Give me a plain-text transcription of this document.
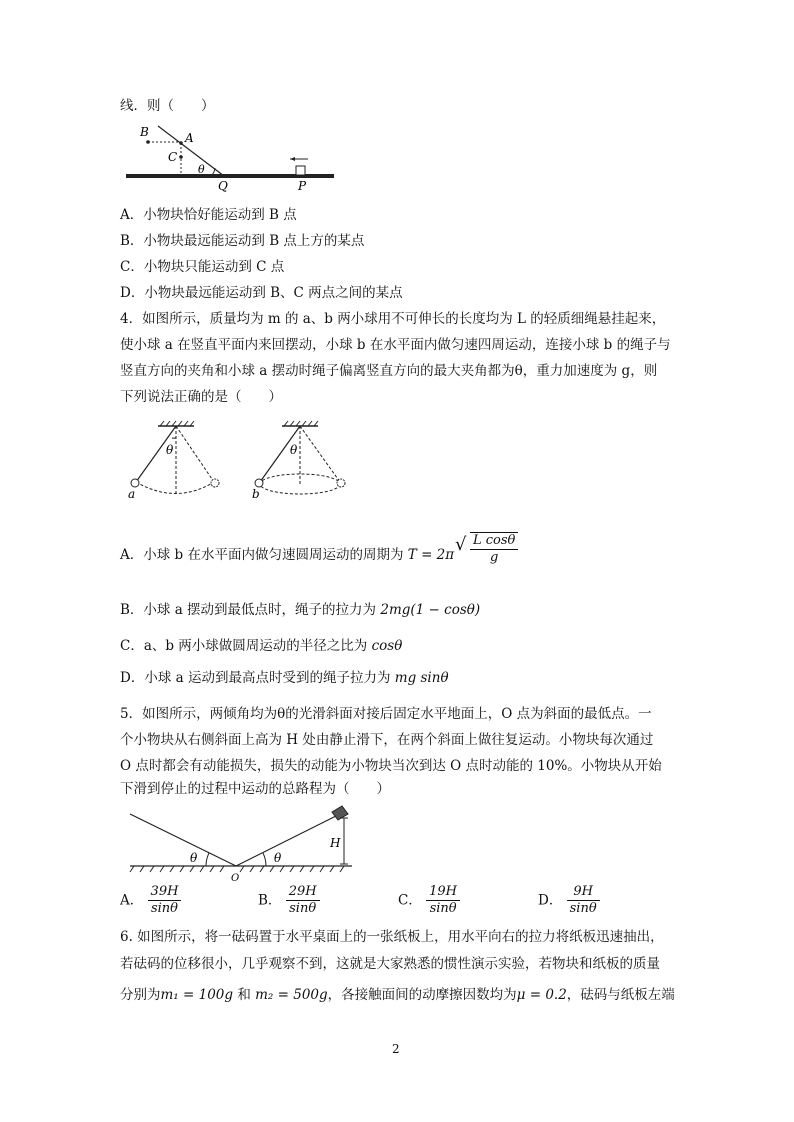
线．则（　　）
B	A
C
θ
Q	P
A．小物块恰好能运动到 B 点
B．小物块最远能运动到 B 点上方的某点
C．小物块只能运动到 C 点
D．小物块最远能运动到 B、C 两点之间的某点
4．如图所示，质量均为 m 的 a、b 两小球用不可伸长的长度均为 L 的轻质细绳悬挂起来，
使小球 a 在竖直平面内来回摆动，小球 b 在水平面内做匀速四周运动，连接小球 b 的绳子与
竖直方向的夹角和小球 a 摆动时绳子偏离竖直方向的最大夹角都为θ，重力加速度为 g，则
下列说法正确的是（　　）
θ
a
θ
b
A．小球 b 在水平面内做匀速圆周运动的周期为 T = 2π √ $\frac{\text{L cosθ}}{g}$
B．小球 a 摆动到最低点时，绳子的拉力为 2mg(1 − cosθ)
C．a、b 两小球做圆周运动的半径之比为 cosθ
D．小球 a 运动到最高点时受到的绳子拉力为 mg sinθ
5．如图所示，两倾角均为θ的光滑斜面对接后固定水平地面上，O 点为斜面的最低点。一
个小物块从右侧斜面上高为 H 处由静止滑下，在两个斜面上做往复运动。小物块每次通过
O 点时都会有动能损失，损失的动能为小物块当次到达 O 点时动能的 10%。小物块从开始
下滑到停止的过程中运动的总路程为（　　）
θ	θ
H
O
A． $\frac{39H}{\sin\theta}$	B． $\frac{29H}{\sin\theta}$	C． $\frac{19H}{\sin\theta}$	D． $\frac{9H}{\sin\theta}$
6. 如图所示，将一砝码置于水平桌面上的一张纸板上，用水平向右的拉力将纸板迅速抽出，
若砝码的位移很小，几乎观察不到，这就是大家熟悉的惯性演示实验，若物块和纸板的质量
分别为m₁ = 100g 和 m₂ = 500g，各接触面间的动摩擦因数均为μ = 0.2，砝码与纸板左端
2
